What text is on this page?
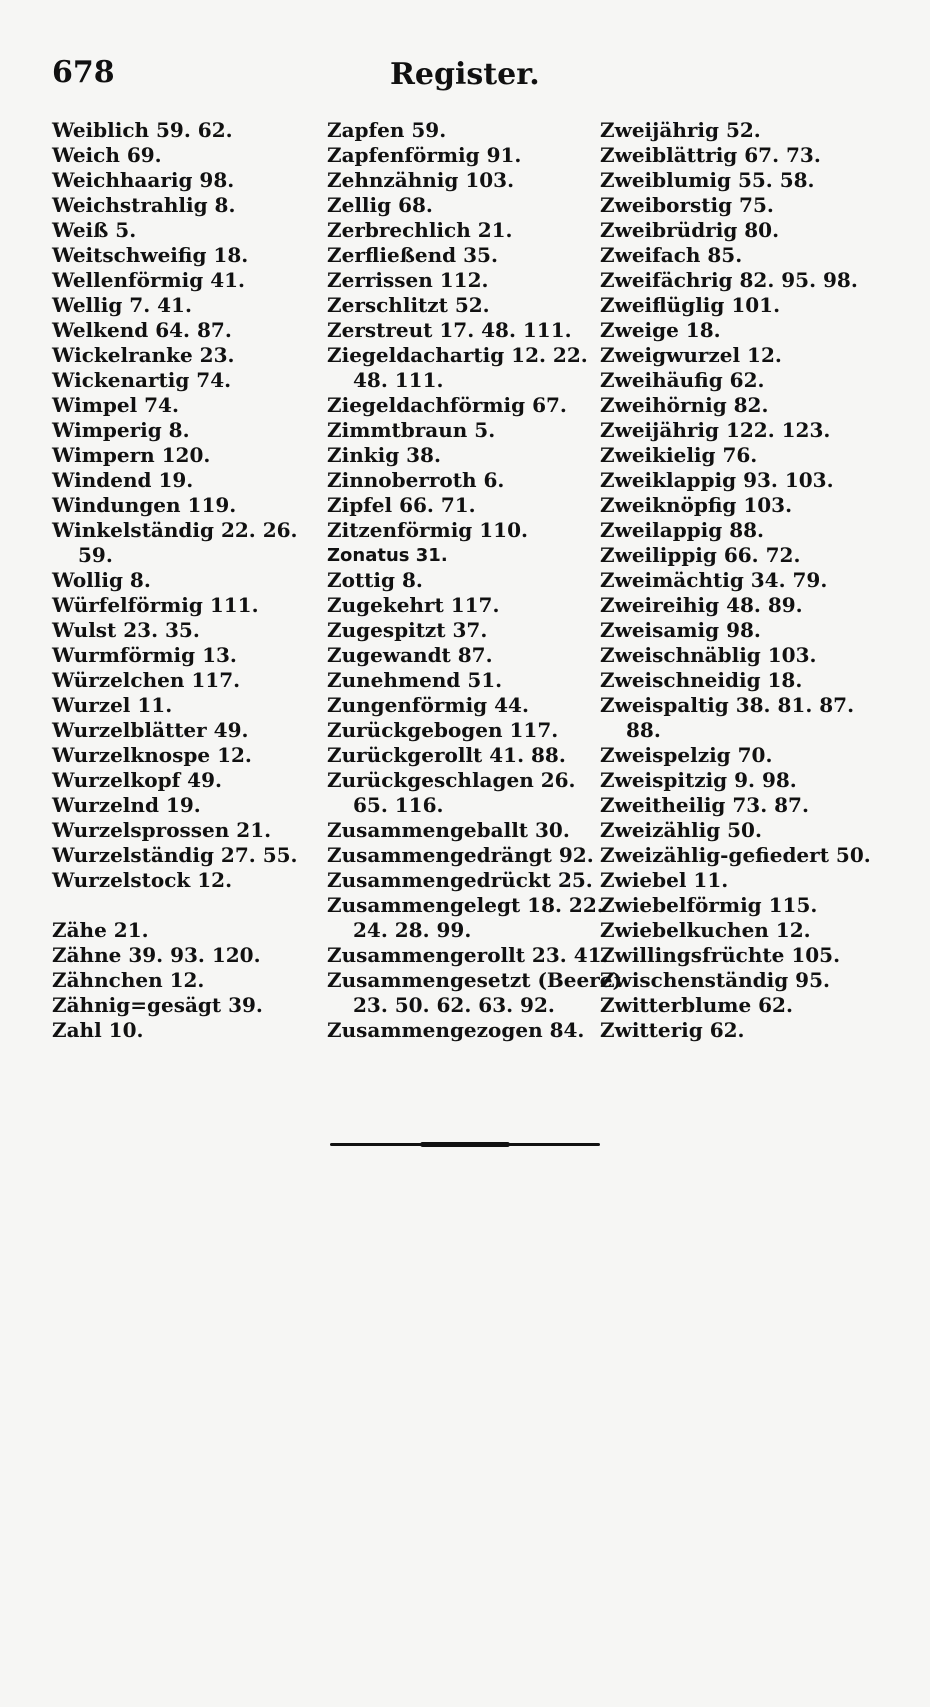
678	Register.
Weiblich 59. 62.
Weich 69.
Weichhaarig 98.
Weichstrahlig 8.
Weiß 5.
Weitschweifig 18.
Wellenförmig 41.
Wellig 7. 41.
Welkend 64. 87.
Wickelranke 23.
Wickenartig 74.
Wimpel 74.
Wimperig 8.
Wimpern 120.
Windend 19.
Windungen 119.
Winkelständig 22. 26.
59.
Wollig 8.
Würfelförmig 111.
Wulst 23. 35.
Wurmförmig 13.
Würzelchen 117.
Wurzel 11.
Wurzelblätter 49.
Wurzelknospe 12.
Wurzelkopf 49.
Wurzelnd 19.
Wurzelsprossen 21.
Wurzelständig 27. 55.
Wurzelstock 12.
Zähe 21.
Zähne 39. 93. 120.
Zähnchen 12.
Zähnig=gesägt 39.
Zahl 10.
Zapfen 59.
Zapfenförmig 91.
Zehnzähnig 103.
Zellig 68.
Zerbrechlich 21.
Zerfließend 35.
Zerrissen 112.
Zerschlitzt 52.
Zerstreut 17. 48. 111.
Ziegeldachartig 12. 22.
48. 111.
Ziegeldachförmig 67.
Zimmtbraun 5.
Zinkig 38.
Zinnoberroth 6.
Zipfel 66. 71.
Zitzenförmig 110.
Zonatus 31.
Zottig 8.
Zugekehrt 117.
Zugespitzt 37.
Zugewandt 87.
Zunehmend 51.
Zungenförmig 44.
Zurückgebogen 117.
Zurückgerollt 41. 88.
Zurückgeschlagen 26.
65. 116.
Zusammengeballt 30.
Zusammengedrängt 92.
Zusammengedrückt 25.
Zusammengelegt 18. 22.
24. 28. 99.
Zusammengerollt 23. 41.
Zusammengesetzt (Beere)
23. 50. 62. 63. 92.
Zusammengezogen 84.
Zweijährig 52.
Zweiblättrig 67. 73.
Zweiblumig 55. 58.
Zweiborstig 75.
Zweibrüdrig 80.
Zweifach 85.
Zweifächrig 82. 95. 98.
Zweiflüglig 101.
Zweige 18.
Zweigwurzel 12.
Zweihäufig 62.
Zweihörnig 82.
Zweijährig 122. 123.
Zweikielig 76.
Zweiklappig 93. 103.
Zweiknöpfig 103.
Zweilappig 88.
Zweilippig 66. 72.
Zweimächtig 34. 79.
Zweireihig 48. 89.
Zweisamig 98.
Zweischnäblig 103.
Zweischneidig 18.
Zweispaltig 38. 81. 87.
88.
Zweispelzig 70.
Zweispitzig 9. 98.
Zweitheilig 73. 87.
Zweizählig 50.
Zweizählig-gefiedert 50.
Zwiebel 11.
Zwiebelförmig 115.
Zwiebelkuchen 12.
Zwillingsfrüchte 105.
Zwischenständig 95.
Zwitterblume 62.
Zwitterig 62.
